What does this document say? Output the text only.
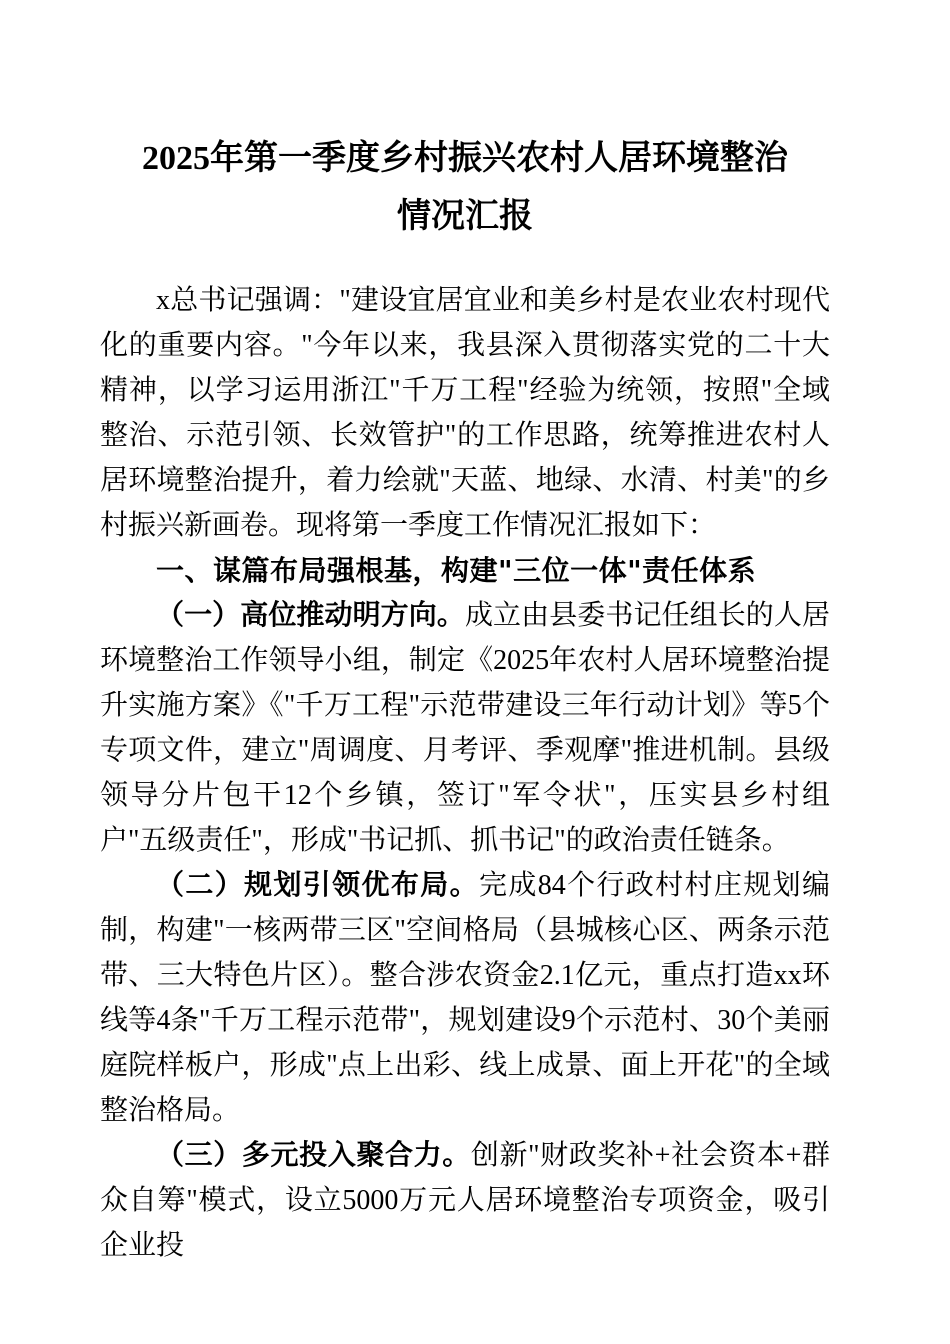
2025年第一季度乡村振兴农村人居环境整治
情况汇报

x总书记强调："建设宜居宜业和美乡村是农业农村现代化的重要内容。"今年以来，我县深入贯彻落实党的二十大精神，以学习运用浙江"千万工程"经验为统领，按照"全域整治、示范引领、长效管护"的工作思路，统筹推进农村人居环境整治提升，着力绘就"天蓝、地绿、水清、村美"的乡村振兴新画卷。现将第一季度工作情况汇报如下：

一、谋篇布局强根基，构建"三位一体"责任体系

（一）高位推动明方向。成立由县委书记任组长的人居环境整治工作领导小组，制定《2025年农村人居环境整治提升实施方案》《"千万工程"示范带建设三年行动计划》等5个专项文件，建立"周调度、月考评、季观摩"推进机制。县级领导分片包干12个乡镇，签订"军令状"，压实县乡村组户"五级责任"，形成"书记抓、抓书记"的政治责任链条。

（二）规划引领优布局。完成84个行政村村庄规划编制，构建"一核两带三区"空间格局（县城核心区、两条示范带、三大特色片区）。整合涉农资金2.1亿元，重点打造xx环线等4条"千万工程示范带"，规划建设9个示范村、30个美丽庭院样板户，形成"点上出彩、线上成景、面上开花"的全域整治格局。

（三）多元投入聚合力。创新"财政奖补+社会资本+群众自筹"模式，设立5000万元人居环境整治专项资金，吸引企业投
